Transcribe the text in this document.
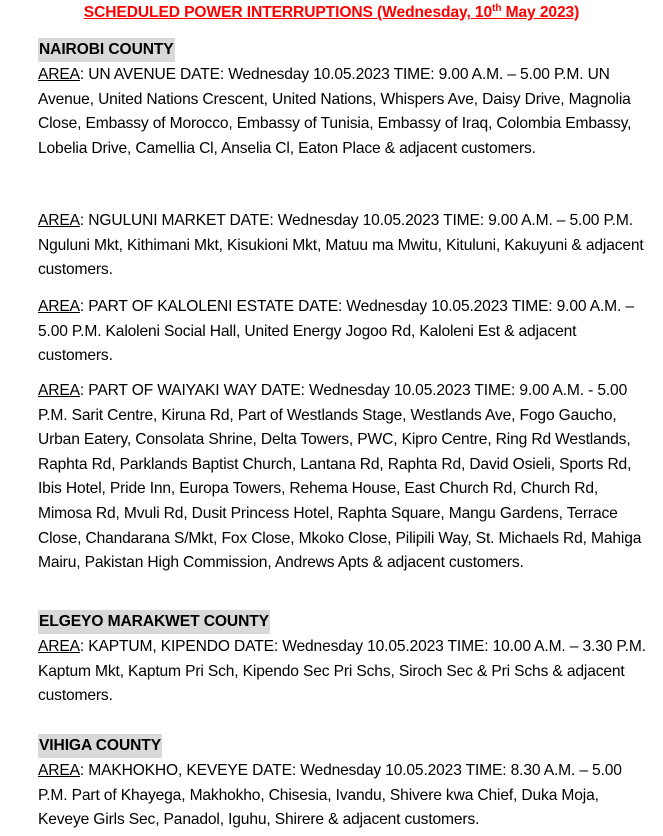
SCHEDULED POWER INTERRUPTIONS (Wednesday, 10th May 2023)
NAIROBI COUNTY
AREA: UN AVENUE DATE: Wednesday 10.05.2023 TIME: 9.00 A.M. – 5.00 P.M. UN Avenue, United Nations Crescent, United Nations, Whispers Ave, Daisy Drive, Magnolia Close, Embassy of Morocco, Embassy of Tunisia, Embassy of Iraq, Colombia Embassy, Lobelia Drive, Camellia Cl, Anselia Cl, Eaton Place & adjacent customers.
AREA: NGULUNI MARKET DATE: Wednesday 10.05.2023 TIME: 9.00 A.M. – 5.00 P.M. Nguluni Mkt, Kithimani Mkt, Kisukioni Mkt, Matuu ma Mwitu, Kituluni, Kakuyuni & adjacent customers.
AREA: PART OF KALOLENI ESTATE DATE: Wednesday 10.05.2023 TIME: 9.00 A.M. – 5.00 P.M. Kaloleni Social Hall, United Energy Jogoo Rd, Kaloleni Est & adjacent customers.
AREA: PART OF WAIYAKI WAY DATE: Wednesday 10.05.2023 TIME: 9.00 A.M. - 5.00 P.M. Sarit Centre, Kiruna Rd, Part of Westlands Stage, Westlands Ave, Fogo Gaucho, Urban Eatery, Consolata Shrine, Delta Towers, PWC, Kipro Centre, Ring Rd Westlands, Raphta Rd, Parklands Baptist Church, Lantana Rd, Raphta Rd, David Osieli, Sports Rd, Ibis Hotel, Pride Inn, Europa Towers, Rehema House, East Church Rd, Church Rd, Mimosa Rd, Mvuli Rd, Dusit Princess Hotel, Raphta Square, Mangu Gardens, Terrace Close, Chandarana S/Mkt, Fox Close, Mkoko Close, Pilipili Way, St. Michaels Rd, Mahiga Mairu, Pakistan High Commission, Andrews Apts & adjacent customers.
ELGEYO MARAKWET COUNTY
AREA: KAPTUM, KIPENDO DATE: Wednesday 10.05.2023 TIME: 10.00 A.M. – 3.30 P.M. Kaptum Mkt, Kaptum Pri Sch, Kipendo Sec Pri Schs, Siroch Sec & Pri Schs & adjacent customers.
VIHIGA COUNTY
AREA: MAKHOKHO, KEVEYE DATE: Wednesday 10.05.2023 TIME: 8.30 A.M. – 5.00 P.M. Part of Khayega, Makhokho, Chisesia, Ivandu, Shivere kwa Chief, Duka Moja, Keveye Girls Sec, Panadol, Iguhu, Shirere & adjacent customers.
